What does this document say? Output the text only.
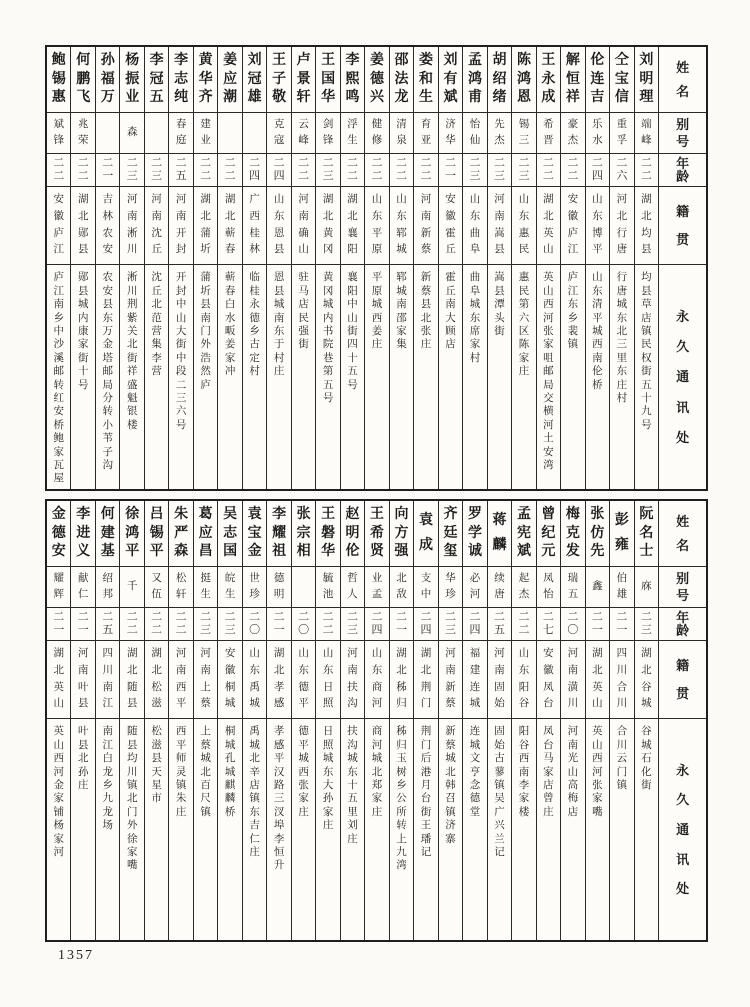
鲍
锡
惠
斌
锋
二
二
安
徽
庐
江
庐
江
南
乡
中
沙
溪
邮
转
红
安
桥
鲍
家
瓦
屋
何
鹏
飞
兆
荣
二
二
湖
北
郧
县
郧
县
城
内
康
家
街
十
号
孙
福
万
二
一
吉
林
农
安
农
安
县
东
万
金
塔
邮
局
分
转
小
苇
子
沟
杨
振
业
森
二
三
河
南
淅
川
淅
川
荆
紫
关
北
街
祥
盛
魁
银
楼
李
冠
五
二
三
河
南
沈
丘
沈
丘
北
范
营
集
李
营
李
志
纯
春
庭
二
五
河
南
开
封
开
封
中
山
大
街
中
段
二
三
六
号
黄
华
齐
建
业
二
二
湖
北
蒲
圻
蒲
圻
县
南
门
外
浩
然
庐
姜
应
潮
二
二
湖
北
蕲
春
蕲
春
白
水
畈
姜
家
冲
刘
冠
雄
二
四
广
西
桂
林
临
桂
永
德
乡
古
定
村
王
子
敬
克
寇
二
四
山
东
恩
县
恩
县
城
南
东
于
村
庄
卢
景
轩
云
峰
二
二
河
南
确
山
驻
马
店
民
强
街
王
国
华
剑
锋
二
三
湖
北
黄
冈
黄
冈
城
内
书
院
巷
第
五
号
李
熙
鸣
浮
生
二
二
湖
北
襄
阳
襄
阳
中
山
街
四
十
五
号
姜
德
兴
健
修
二
二
山
东
平
原
平
原
城
西
姜
庄
邵
法
龙
清
泉
二
二
山
东
郓
城
郓
城
南
邵
家
集
娄
和
生
育
亚
二
二
河
南
新
蔡
新
蔡
县
北
张
庄
刘
有
斌
济
华
二
一
安
徽
霍
丘
霍
丘
南
大
顾
店
孟
鸿
甫
怡
仙
二
三
山
东
曲
阜
曲
阜
城
东
席
家
村
胡
绍
绪
先
杰
二
三
河
南
嵩
县
嵩
县
潭
头
街
陈
鸿
恩
锡
三
二
三
山
东
惠
民
惠
民
第
六
区
陈
家
庄
王
永
成
希
晋
二
二
湖
北
英
山
英
山
西
河
张
家
咀
邮
局
交
横
河
土
安
湾
解
恒
祥
豪
杰
二
二
安
徽
庐
江
庐
江
东
乡
裴
镇
伦
连
吉
乐
水
二
四
山
东
博
平
山
东
清
平
城
西
南
伦
桥
仝
宝
信
重
孚
二
六
河
北
行
唐
行
唐
城
东
北
三
里
东
庄
村
刘
明
理
端
峰
二
二
湖
北
均
县
均
县
草
店
镇
民
权
街
五
十
九
号
姓
名
别
号
年
龄
籍
贯
永
久
通
讯
处
金
德
安
耀
辉
二
一
湖
北
英
山
英
山
西
河
金
家
铺
杨
家
河
李
进
义
献
仁
二
一
河
南
叶
县
叶
县
北
孙
庄
何
建
基
绍
邦
二
五
四
川
南
江
南
江
白
龙
乡
九
龙
场
徐
鸿
平
千
二
二
湖
北
随
县
随
县
均
川
镇
北
门
外
徐
家
嘴
吕
锡
平
又
伍
二
二
湖
北
松
滋
松
滋
县
天
星
市
朱
严
森
松
轩
二
二
河
南
西
平
西
平
师
灵
镇
朱
庄
葛
应
昌
挺
生
二
三
河
南
上
蔡
上
蔡
城
北
百
尺
镇
吴
志
国
皖
生
二
三
安
徽
桐
城
桐
城
孔
城
麒
麟
桥
袁
宝
金
世
珍
二
〇
山
东
禹
城
禹
城
北
辛
店
镇
东
吉
仁
庄
李
耀
祖
德
明
二
一
湖
北
孝
感
孝
感
平
汉
路
三
汊
埠
李
恒
升
张
宗
相
二
〇
山
东
德
平
德
平
城
西
张
家
庄
王
磐
华
毓
池
二
二
山
东
日
照
日
照
城
东
大
孙
家
庄
赵
明
伦
哲
人
二
三
河
南
扶
沟
扶
沟
城
东
十
五
里
刘
庄
王
希
贤
业
孟
二
四
山
东
商
河
商
河
城
北
郑
家
庄
向
方
强
北
敌
二
一
湖
北
秭
归
秭
归
玉
树
乡
公
所
转
上
九
湾
袁
成
支
中
二
四
湖
北
荆
门
荆
门
后
港
月
台
街
王
璠
记
齐
廷
玺
华
珍
二
三
河
南
新
蔡
新
蔡
城
北
韩
召
镇
济
寨
罗
学
诚
必
河
二
四
福
建
连
城
连
城
文
亨
念
德
堂
蒋
麟
续
唐
二
五
河
南
固
始
固
始
古
蓼
镇
吴
广
兴
兰
记
孟
宪
斌
起
杰
二
二
山
东
阳
谷
阳
谷
西
南
李
家
楼
曾
纪
元
凤
怡
二
七
安
徽
凤
台
凤
台
马
家
店
曾
庄
梅
克
发
瑞
五
二
〇
河
南
潢
川
河
南
光
山
高
梅
店
张
仿
先
鑫
二
一
湖
北
英
山
英
山
西
河
张
家
嘴
彭
雍
伯
雄
二
一
四
川
合
川
合
川
云
门
镇
阮
名
士
庥
二
三
湖
北
谷
城
谷
城
石
化
街
姓
名
别
号
年
龄
籍
贯
永
久
通
讯
处
1357
